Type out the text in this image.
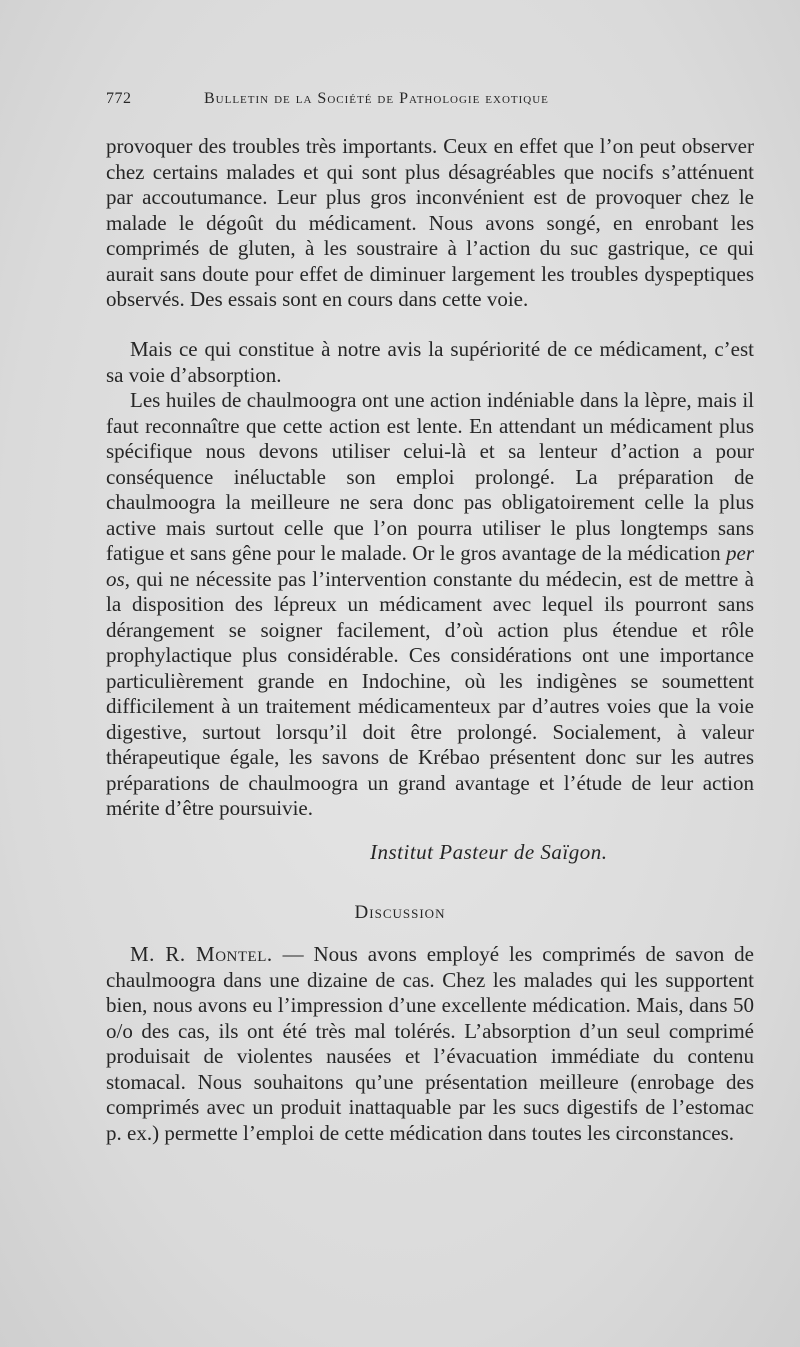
772	Bulletin de la Société de Pathologie exotique

provoquer des troubles très importants. Ceux en effet que l’on peut observer chez certains malades et qui sont plus désagréables que nocifs s’atténuent par accoutumance. Leur plus gros inconvénient est de provoquer chez le malade le dégoût du médicament. Nous avons songé, en enrobant les comprimés de gluten, à les soustraire à l’action du suc gastrique, ce qui aurait sans doute pour effet de diminuer largement les troubles dyspeptiques observés. Des essais sont en cours dans cette voie.

Mais ce qui constitue à notre avis la supériorité de ce médicament, c’est sa voie d’absorption.

Les huiles de chaulmoogra ont une action indéniable dans la lèpre, mais il faut reconnaître que cette action est lente. En attendant un médicament plus spécifique nous devons utiliser celui-là et sa lenteur d’action a pour conséquence inéluctable son emploi prolongé. La préparation de chaulmoogra la meilleure ne sera donc pas obligatoirement celle la plus active mais surtout celle que l’on pourra utiliser le plus longtemps sans fatigue et sans gêne pour le malade. Or le gros avantage de la médication per os, qui ne nécessite pas l’intervention constante du médecin, est de mettre à la disposition des lépreux un médicament avec lequel ils pourront sans dérangement se soigner facilement, d’où action plus étendue et rôle prophylactique plus considérable. Ces considérations ont une importance particulièrement grande en Indochine, où les indigènes se soumettent difficilement à un traitement médicamenteux par d’autres voies que la voie digestive, surtout lorsqu’il doit être prolongé. Socialement, à valeur thérapeutique égale, les savons de Krébao présentent donc sur les autres préparations de chaulmoogra un grand avantage et l’étude de leur action mérite d’être poursuivie.

Institut Pasteur de Saïgon.
Discussion

M. R. Montel. — Nous avons employé les comprimés de savon de chaulmoogra dans une dizaine de cas. Chez les malades qui les supportent bien, nous avons eu l’impression d’une excellente médication. Mais, dans 50 o/o des cas, ils ont été très mal tolérés. L’absorption d’un seul comprimé produisait de violentes nausées et l’évacuation immédiate du contenu stomacal. Nous souhaitons qu’une présentation meilleure (enrobage des comprimés avec un produit inattaquable par les sucs digestifs de l’estomac p. ex.) permette l’emploi de cette médication dans toutes les circonstances.
